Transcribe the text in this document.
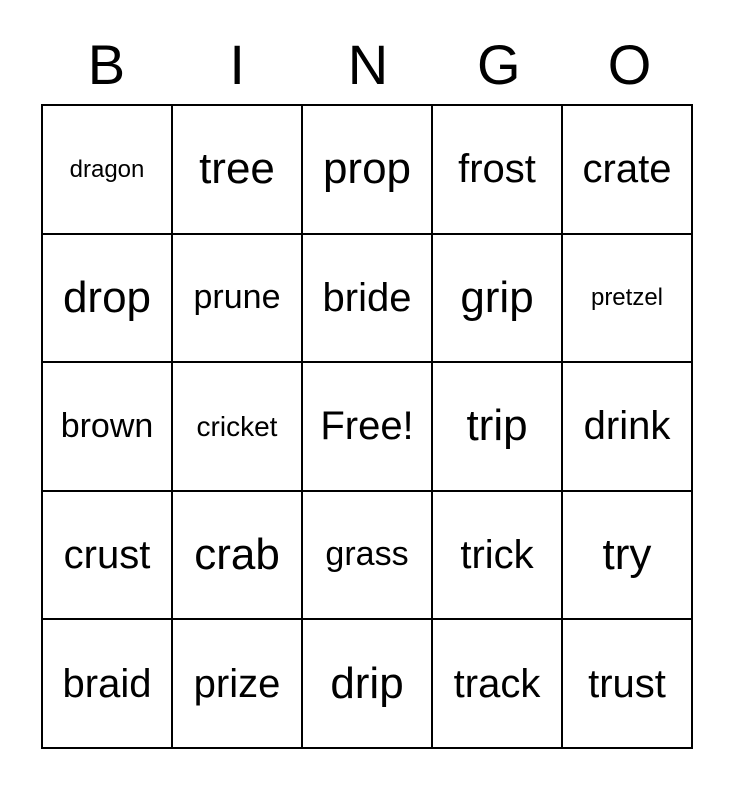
B	I	N	G	O
dragon tree prop frost crate
drop prune bride grip pretzel
brown cricket Free! trip drink
crust crab grass trick try
braid prize drip track trust
